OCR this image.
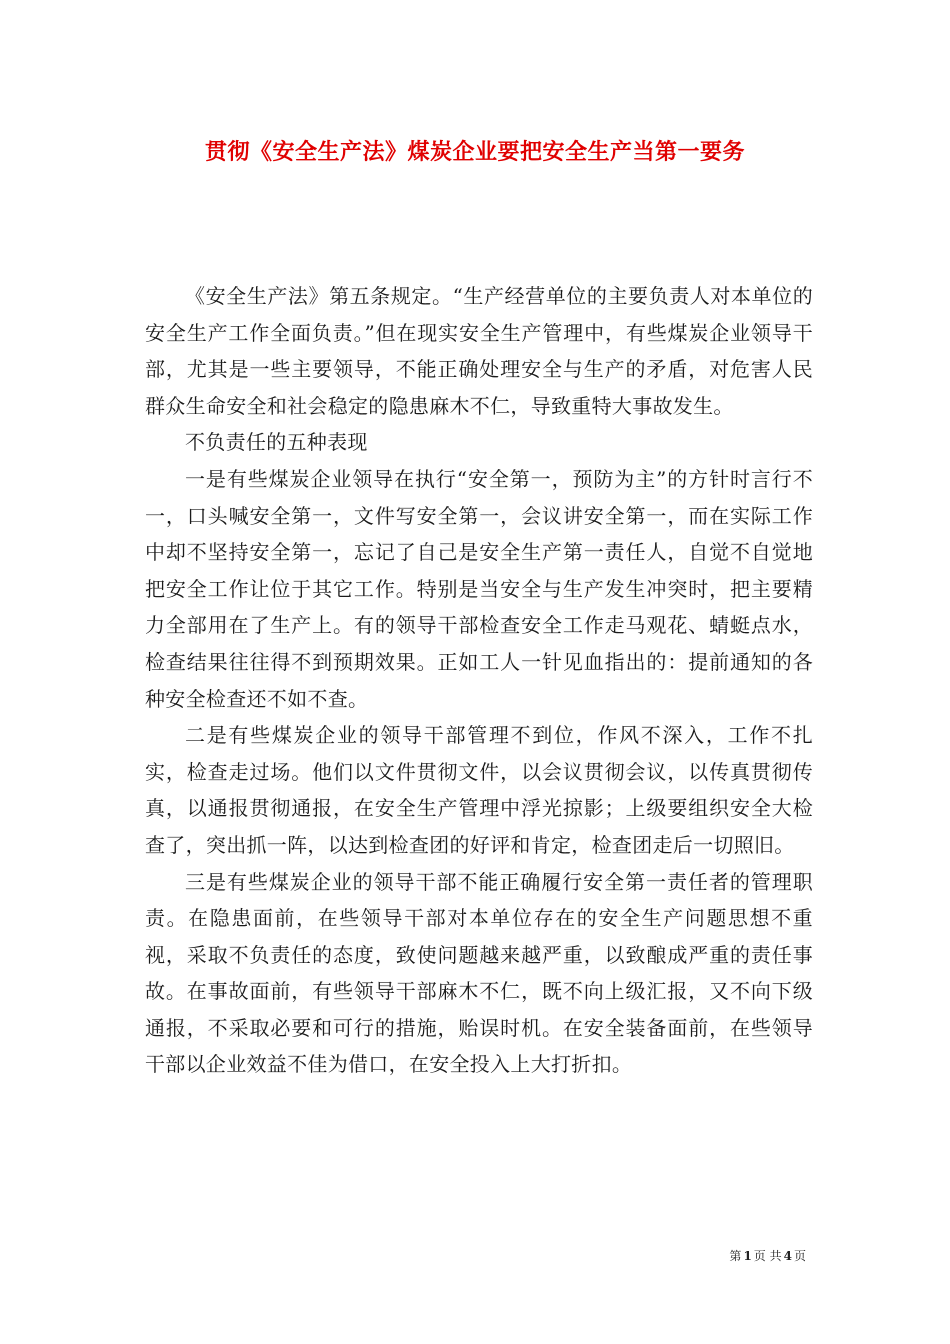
贯彻《安全生产法》煤炭企业要把安全生产当第一要务

《安全生产法》第五条规定。“生产经营单位的主要负责人对本单位的安全生产工作全面负责。”但在现实安全生产管理中，有些煤炭企业领导干部，尤其是一些主要领导，不能正确处理安全与生产的矛盾，对危害人民群众生命安全和社会稳定的隐患麻木不仁，导致重特大事故发生。

不负责任的五种表现

一是有些煤炭企业领导在执行“安全第一，预防为主”的方针时言行不一，口头喊安全第一，文件写安全第一，会议讲安全第一，而在实际工作中却不坚持安全第一，忘记了自己是安全生产第一责任人，自觉不自觉地把安全工作让位于其它工作。特别是当安全与生产发生冲突时，把主要精力全部用在了生产上。有的领导干部检查安全工作走马观花、蜻蜓点水，检查结果往往得不到预期效果。正如工人一针见血指出的：提前通知的各种安全检查还不如不查。

二是有些煤炭企业的领导干部管理不到位，作风不深入，工作不扎实，检查走过场。他们以文件贯彻文件，以会议贯彻会议，以传真贯彻传真，以通报贯彻通报，在安全生产管理中浮光掠影；上级要组织安全大检查了，突出抓一阵，以达到检查团的好评和肯定，检查团走后一切照旧。

三是有些煤炭企业的领导干部不能正确履行安全第一责任者的管理职责。在隐患面前，在些领导干部对本单位存在的安全生产问题思想不重视，采取不负责任的态度，致使问题越来越严重，以致酿成严重的责任事故。在事故面前，有些领导干部麻木不仁，既不向上级汇报，又不向下级通报，不采取必要和可行的措施，贻误时机。在安全装备面前，在些领导干部以企业效益不佳为借口，在安全投入上大打折扣。

第 1 页 共 4 页
